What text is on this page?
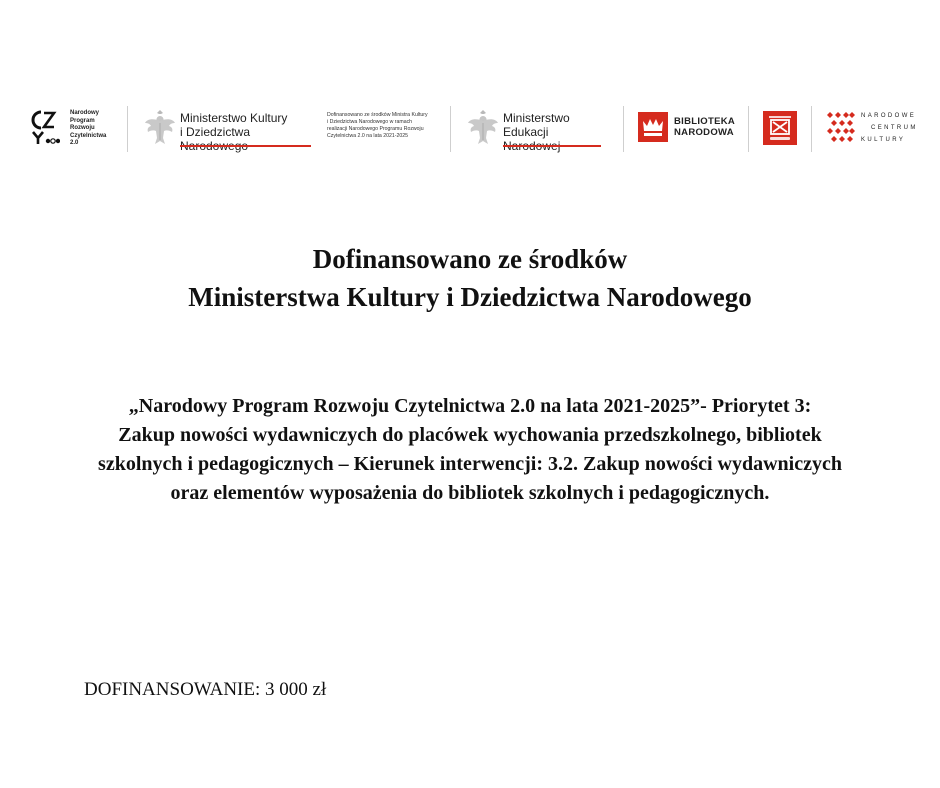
Narodowy
Program
Rozwoju
Czytelnictwa
2.0
Ministerstwo Kultury
i Dziedzictwa
Dofinansowano ze środków Ministra Kultury
i Dziedzictwa Narodowego w ramach
realizacji Narodowego Programu Rozwoju
Czytelnictwa 2.0 na lata 2021-2025
Ministerstwo
Edukacji
BIBLIOTEKA
NARODOWA
NARODOWE
CENTRUM
KULTURY
Dofinansowano ze środków
Ministerstwa Kultury i Dziedzictwa Narodowego
„Narodowy Program Rozwoju Czytelnictwa 2.0 na lata 2021-2025”- Priorytet 3:
Zakup nowości wydawniczych do placówek wychowania przedszkolnego, bibliotek
szkolnych i pedagogicznych – Kierunek interwencji: 3.2. Zakup nowości wydawniczych
oraz elementów wyposażenia do bibliotek szkolnych i pedagogicznych.
DOFINANSOWANIE: 3 000 zł
